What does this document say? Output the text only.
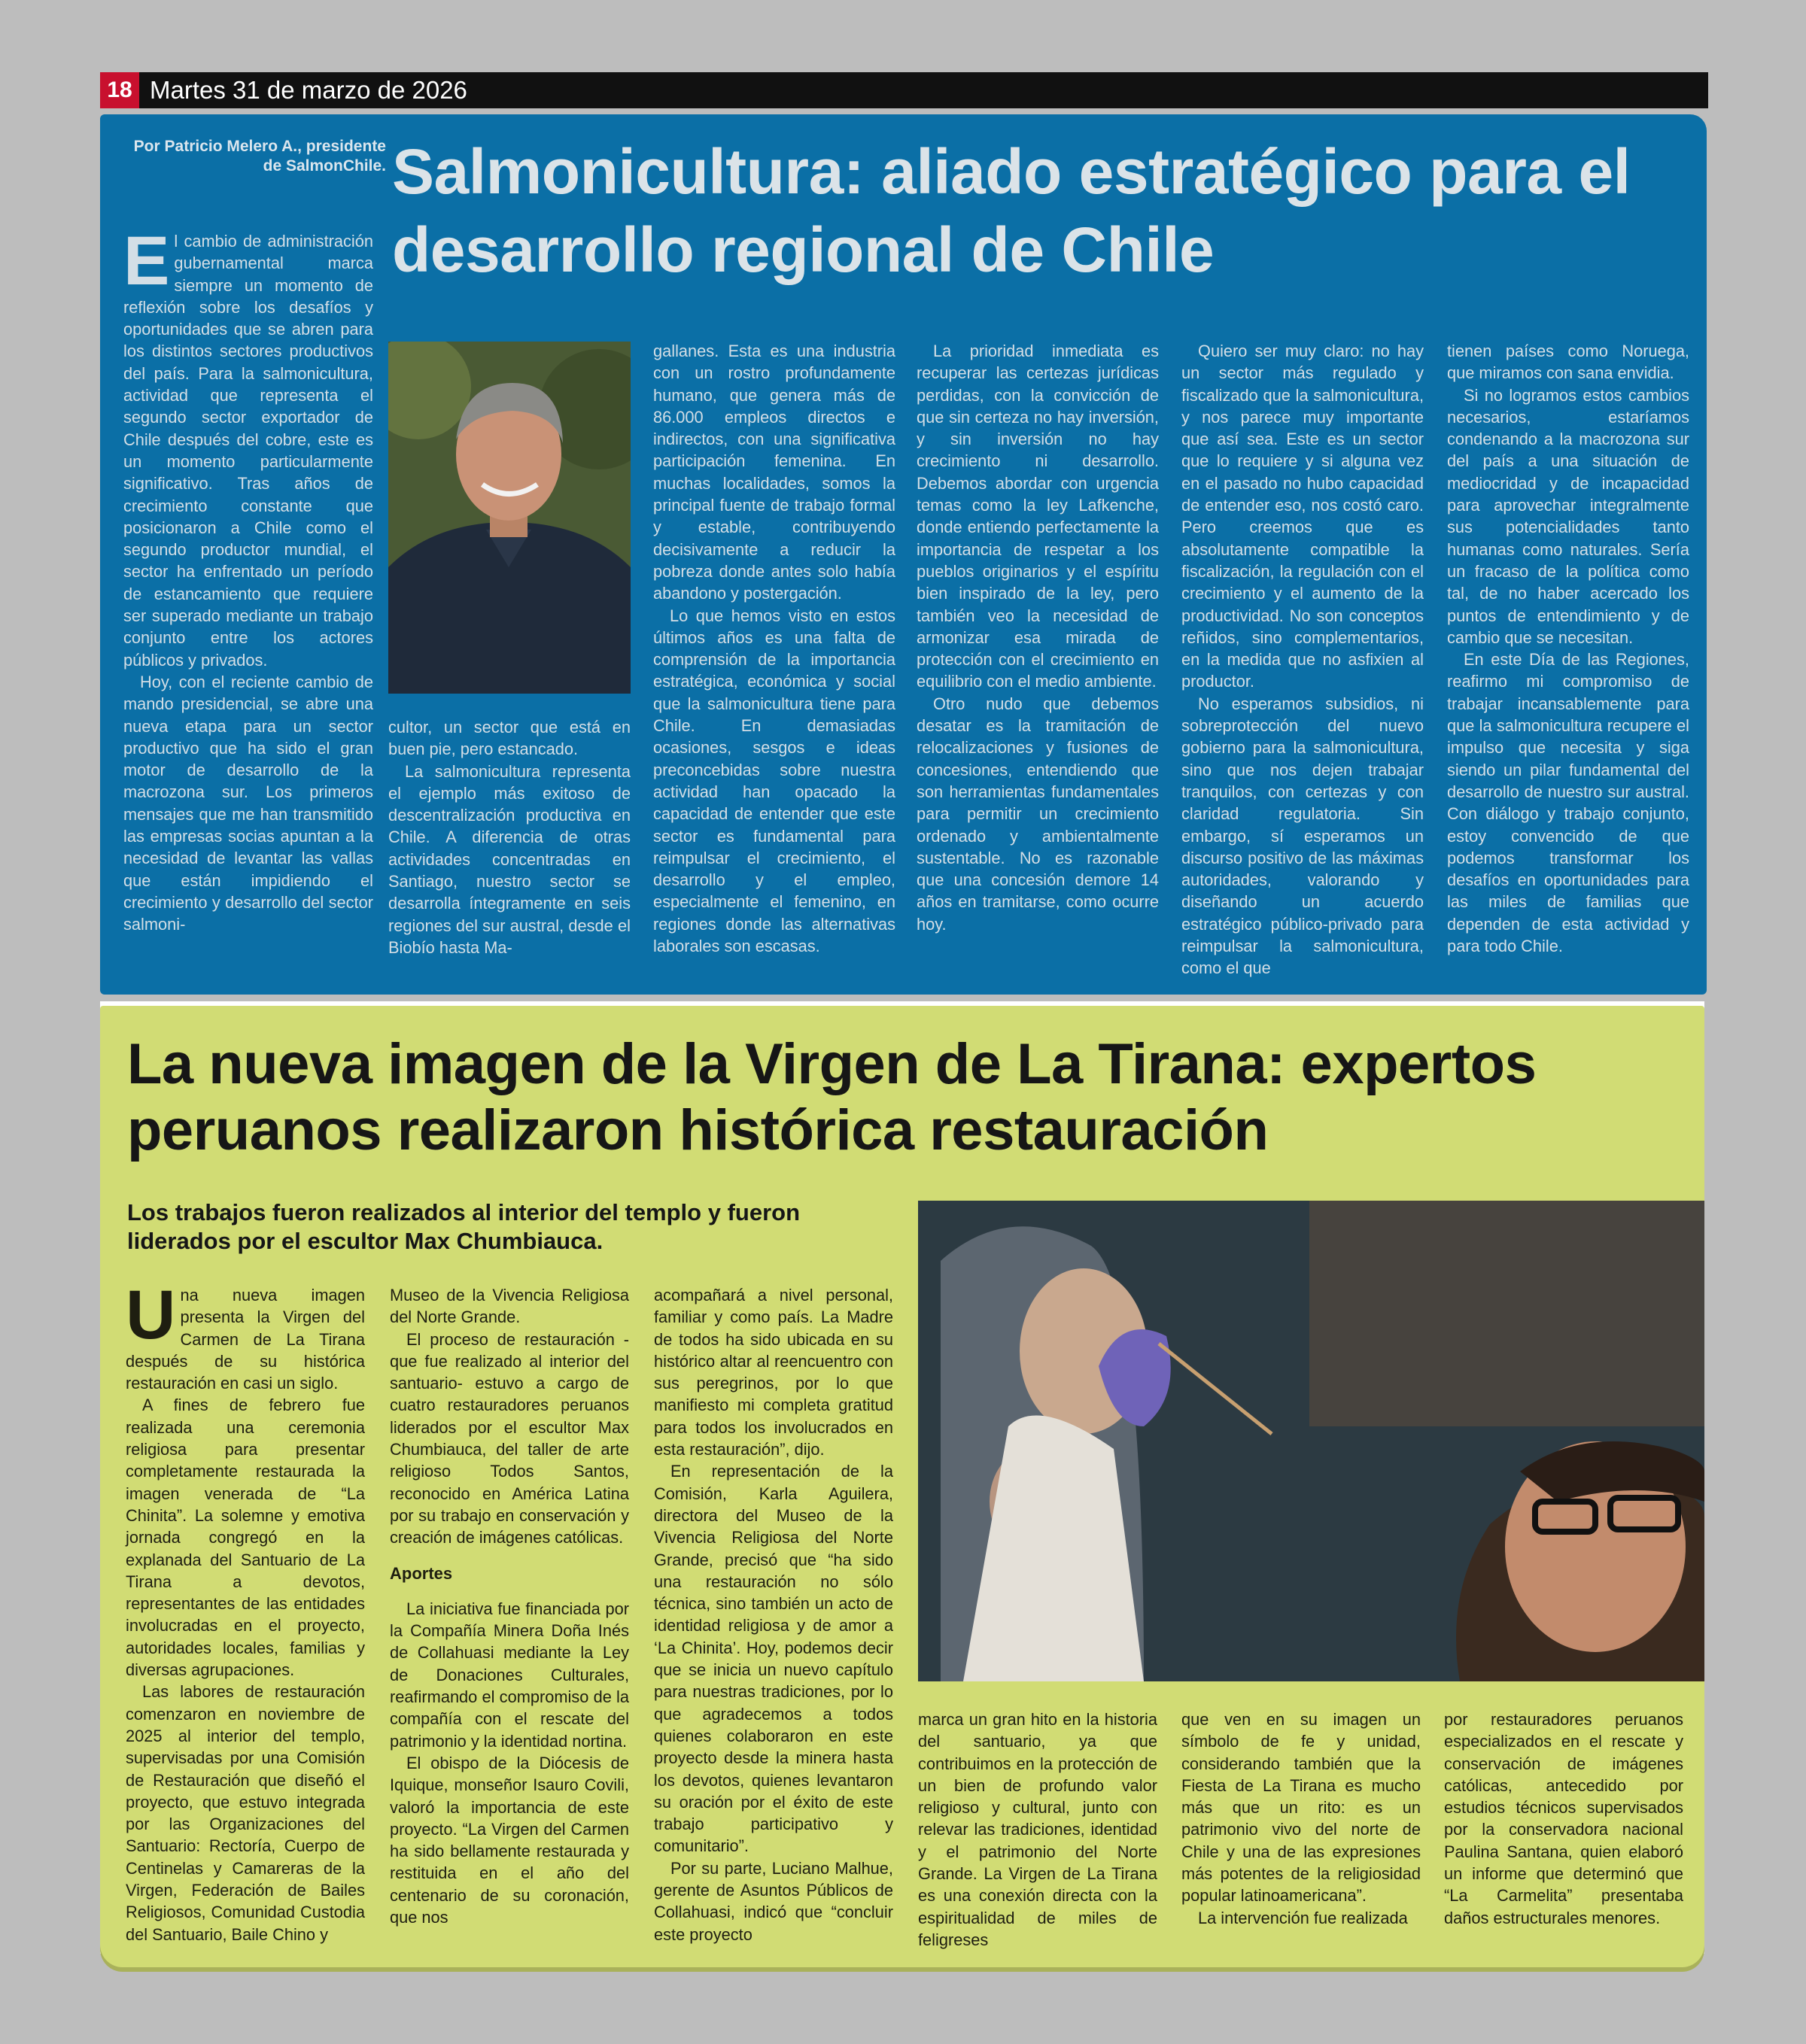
18 Martes 31 de marzo de 2026
Por Patricio Melero A., presidente de SalmonChile. Salmonicultura: aliado estratégico para el desarrollo regional de Chile

El cambio de administración gubernamental marca siempre un momento de reflexión sobre los desafíos y oportunidades que se abren para los distintos sectores productivos del país. Para la salmonicultura, actividad que representa el segundo sector exportador de Chile después del cobre, este es un momento particularmente significativo. Tras años de crecimiento constante que posicionaron a Chile como el segundo productor mundial, el sector ha enfrentado un período de estancamiento que requiere ser superado mediante un trabajo conjunto entre los actores públicos y privados.

Hoy, con el reciente cambio de mando presidencial, se abre una nueva etapa para un sector productivo que ha sido el gran motor de desarrollo de la macrozona sur. Los primeros mensajes que me han transmitido las empresas socias apuntan a la necesidad de levantar las vallas que están impidiendo el crecimiento y desarrollo del sector salmoni-

cultor, un sector que está en buen pie, pero estancado.

La salmonicultura representa el ejemplo más exitoso de descentralización productiva en Chile. A diferencia de otras actividades concentradas en Santiago, nuestro sector se desarrolla íntegramente en seis regiones del sur austral, desde el Biobío hasta Ma-

gallanes. Esta es una industria con un rostro profundamente humano, que genera más de 86.000 empleos directos e indirectos, con una significativa participación femenina. En muchas localidades, somos la principal fuente de trabajo formal y estable, contribuyendo decisivamente a reducir la pobreza donde antes solo había abandono y postergación.

Lo que hemos visto en estos últimos años es una falta de comprensión de la importancia estratégica, económica y social que la salmonicultura tiene para Chile. En demasiadas ocasiones, sesgos e ideas preconcebidas sobre nuestra actividad han opacado la capacidad de entender que este sector es fundamental para reimpulsar el crecimiento, el desarrollo y el empleo, especialmente el femenino, en regiones donde las alternativas laborales son escasas.

La prioridad inmediata es recuperar las certezas jurídicas perdidas, con la convicción de que sin certeza no hay inversión, y sin inversión no hay crecimiento ni desarrollo. Debemos abordar con urgencia temas como la ley Lafkenche, donde entiendo perfectamente la importancia de respetar a los pueblos originarios y el espíritu bien inspirado de la ley, pero también veo la necesidad de armonizar esa mirada de protección con el crecimiento en equilibrio con el medio ambiente.

Otro nudo que debemos desatar es la tramitación de relocalizaciones y fusiones de concesiones, entendiendo que son herramientas fundamentales para permitir un crecimiento ordenado y ambientalmente sustentable. No es razonable que una concesión demore 14 años en tramitarse, como ocurre hoy.

Quiero ser muy claro: no hay un sector más regulado y fiscalizado que la salmonicultura, y nos parece muy importante que así sea. Este es un sector que lo requiere y si alguna vez en el pasado no hubo capacidad de entender eso, nos costó caro. Pero creemos que es absolutamente compatible la fiscalización, la regulación con el crecimiento y el aumento de la productividad. No son conceptos reñidos, sino complementarios, en la medida que no asfixien al productor.

No esperamos subsidios, ni sobreprotección del nuevo gobierno para la salmonicultura, sino que nos dejen trabajar tranquilos, con certezas y con claridad regulatoria. Sin embargo, sí esperamos un discurso positivo de las máximas autoridades, valorando y diseñando un acuerdo estratégico público-privado para reimpulsar la salmonicultura, como el que

tienen países como Noruega, que miramos con sana envidia.

Si no logramos estos cambios necesarios, estaríamos condenando a la macrozona sur del país a una situación de mediocridad y de incapacidad para aprovechar integralmente sus potencialidades tanto humanas como naturales. Sería un fracaso de la política como tal, de no haber acercado los puntos de entendimiento y de cambio que se necesitan.

En este Día de las Regiones, reafirmo mi compromiso de trabajar incansablemente para que la salmonicultura recupere el impulso que necesita y siga siendo un pilar fundamental del desarrollo de nuestro sur austral. Con diálogo y trabajo conjunto, estoy convencido de que podemos transformar los desafíos en oportunidades para las miles de familias que dependen de esta actividad y para todo Chile.

La nueva imagen de la Virgen de La Tirana: expertos peruanos realizaron histórica restauración
Los trabajos fueron realizados al interior del templo y fueron liderados por el escultor Max Chumbiauca.

Una nueva imagen presenta la Virgen del Carmen de La Tirana después de su histórica restauración en casi un siglo.

A fines de febrero fue realizada una ceremonia religiosa para presentar completamente restaurada la imagen venerada de “La Chinita”. La solemne y emotiva jornada congregó en la explanada del Santuario de La Tirana a devotos, representantes de las entidades involucradas en el proyecto, autoridades locales, familias y diversas agrupaciones.

Las labores de restauración comenzaron en noviembre de 2025 al interior del templo, supervisadas por una Comisión de Restauración que diseñó el proyecto, que estuvo integrada por las Organizaciones del Santuario: Rectoría, Cuerpo de Centinelas y Camareras de la Virgen, Federación de Bailes Religiosos, Comunidad Custodia del Santuario, Baile Chino y

Museo de la Vivencia Religiosa del Norte Grande.

El proceso de restauración - que fue realizado al interior del santuario- estuvo a cargo de cuatro restauradores peruanos liderados por el escultor Max Chumbiauca, del taller de arte religioso Todos Santos, reconocido en América Latina por su trabajo en conservación y creación de imágenes católicas.

Aportes

La iniciativa fue financiada por la Compañía Minera Doña Inés de Collahuasi mediante la Ley de Donaciones Culturales, reafirmando el compromiso de la compañía con el rescate del patrimonio y la identidad nortina.

El obispo de la Diócesis de Iquique, monseñor Isauro Covili, valoró la importancia de este proyecto. “La Virgen del Carmen ha sido bellamente restaurada y restituida en el año del centenario de su coronación, que nos

acompañará a nivel personal, familiar y como país. La Madre de todos ha sido ubicada en su histórico altar al reencuentro con sus peregrinos, por lo que manifiesto mi completa gratitud para todos los involucrados en esta restauración”, dijo.

En representación de la Comisión, Karla Aguilera, directora del Museo de la Vivencia Religiosa del Norte Grande, precisó que “ha sido una restauración no sólo técnica, sino también un acto de identidad religiosa y de amor a ‘La Chinita’. Hoy, podemos decir que se inicia un nuevo capítulo para nuestras tradiciones, por lo que agradecemos a todos quienes colaboraron en este proyecto desde la minera hasta los devotos, quienes levantaron su oración por el éxito de este trabajo participativo y comunitario”.

Por su parte, Luciano Malhue, gerente de Asuntos Públicos de Collahuasi, indicó que “concluir este proyecto

marca un gran hito en la historia del santuario, ya que contribuimos en la protección de un bien de profundo valor religioso y cultural, junto con relevar las tradiciones, identidad y el patrimonio del Norte Grande. La Virgen de La Tirana es una conexión directa con la espiritualidad de miles de feligreses

que ven en su imagen un símbolo de fe y unidad, considerando también que la Fiesta de La Tirana es mucho más que un rito: es un patrimonio vivo del norte de Chile y una de las expresiones más potentes de la religiosidad popular latinoamericana”.

La intervención fue realizada

por restauradores peruanos especializados en el rescate y conservación de imágenes católicas, antecedido por estudios técnicos supervisados por la conservadora nacional Paulina Santana, quien elaboró un informe que determinó que “La Carmelita” presentaba daños estructurales menores.
